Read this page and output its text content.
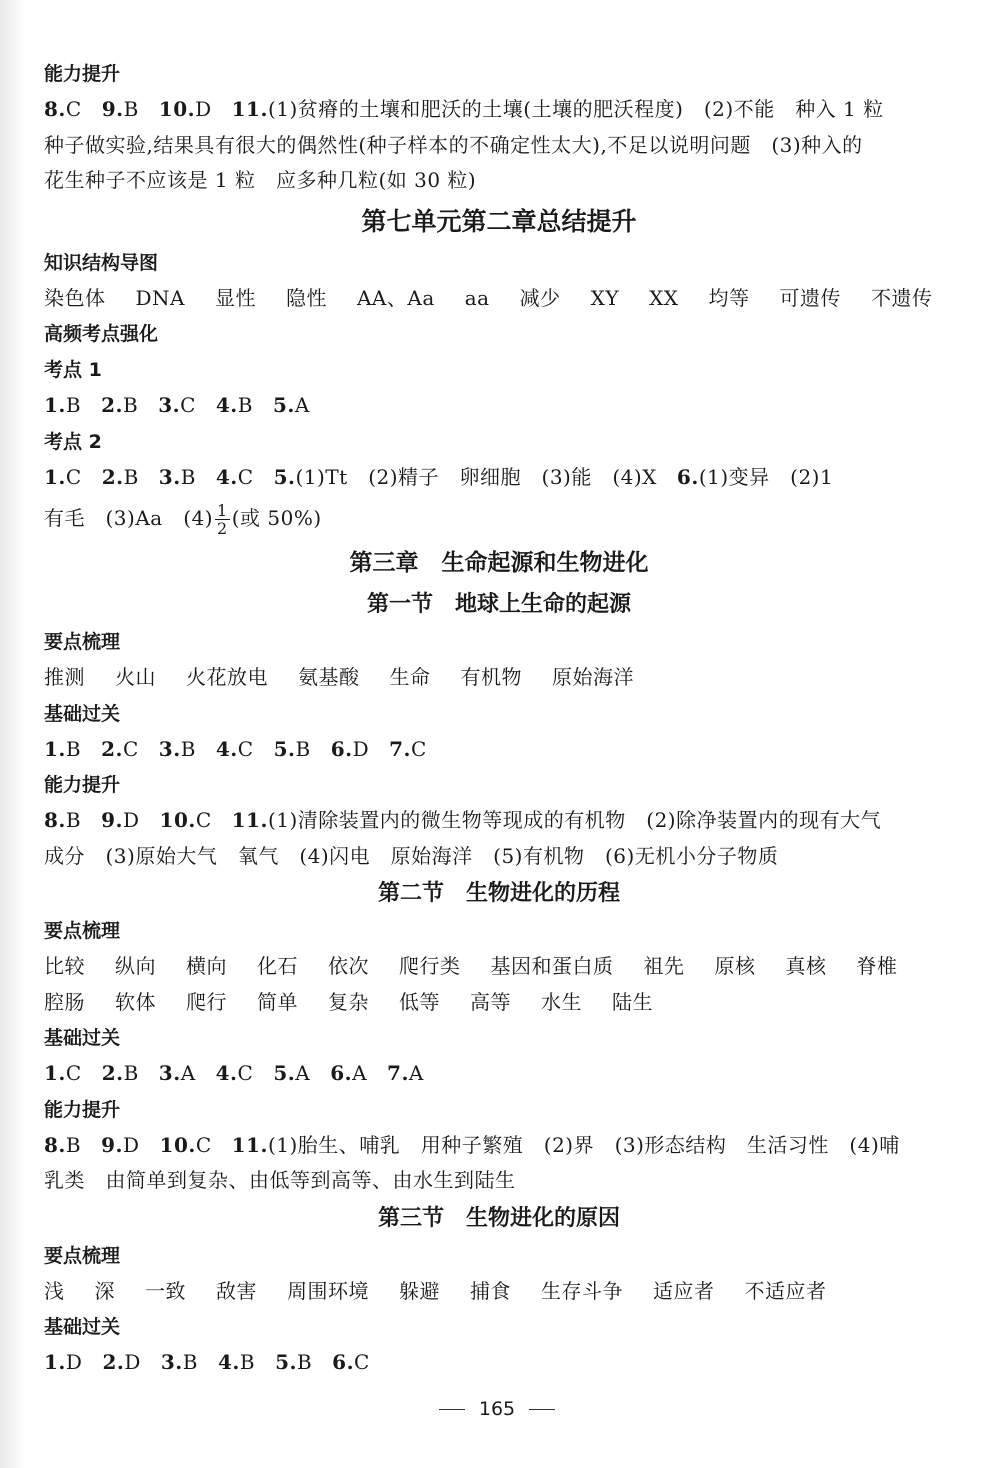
能力提升
8.C 9.B 10.D 11.(1)贫瘠的土壤和肥沃的土壤(土壤的肥沃程度)　(2)不能　种入 1 粒
种子做实验,结果具有很大的偶然性(种子样本的不确定性太大),不足以说明问题　(3)种入的
花生种子不应该是 1 粒　应多种几粒(如 30 粒)
第七单元第二章总结提升
知识结构导图
染色体 DNA 显性 隐性 AA、Aa aa 减少 XY XX 均等 可遗传 不遗传
高频考点强化
考点 1
1.B 2.B 3.C 4.B 5.A
考点 2
1.C 2.B 3.B 4.C 5.(1)Tt　(2)精子　卵细胞　(3)能　(4)X 6.(1)变异　(2)1
有毛　(3)Aa　$(4) \frac{1}{2}$ (或 50%)
第三章　生命起源和生物进化
第一节　地球上生命的起源
要点梳理
推测 火山 火花放电 氨基酸 生命 有机物 原始海洋
基础过关
1.B 2.C 3.B 4.C 5.B 6.D 7.C
能力提升
8.B 9.D 10.C 11.(1)清除装置内的微生物等现成的有机物　(2)除净装置内的现有大气
成分　(3)原始大气　氧气　(4)闪电　原始海洋　(5)有机物　(6)无机小分子物质
第二节　生物进化的历程
要点梳理
比较 纵向 横向 化石 依次 爬行类 基因和蛋白质 祖先 原核 真核 脊椎
腔肠 软体 爬行 简单 复杂 低等 高等 水生 陆生
基础过关
1.C 2.B 3.A 4.C 5.A 6.A 7.A
能力提升
8.B 9.D 10.C 11.(1)胎生、哺乳　用种子繁殖　(2)界　(3)形态结构　生活习性　(4)哺
乳类　由简单到复杂、由低等到高等、由水生到陆生
第三节　生物进化的原因
要点梳理
浅 深 一致 敌害 周围环境 躲避 捕食 生存斗争 适应者 不适应者
基础过关
1.D 2.D 3.B 4.B 5.B 6.C
165
